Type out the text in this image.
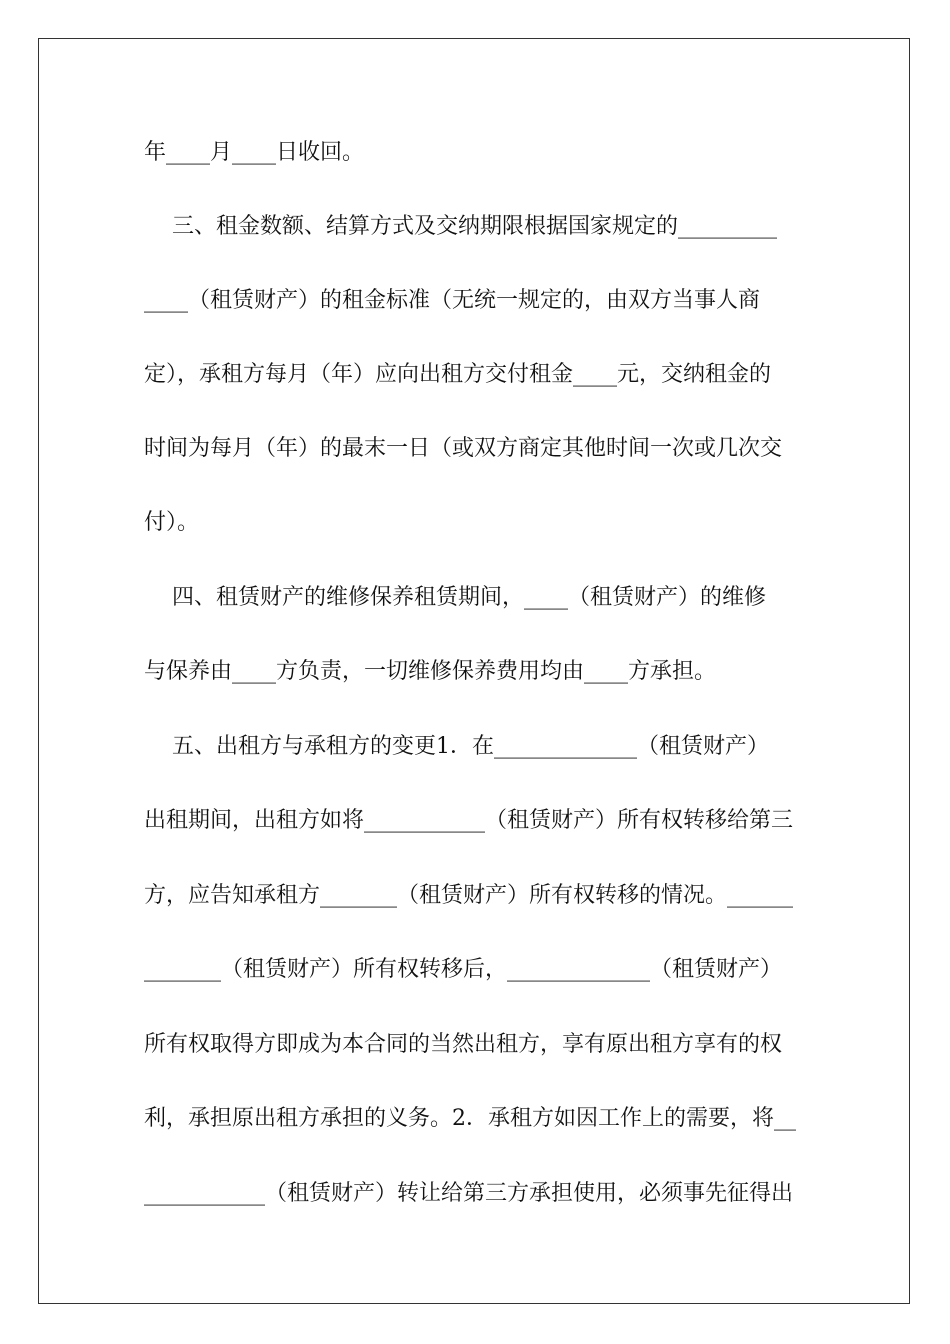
年____月____日收回。
三、租金数额、结算方式及交纳期限根据国家规定的_________
____（租赁财产）的租金标准（无统一规定的，由双方当事人商
定），承租方每月（年）应向出租方交付租金____元，交纳租金的
时间为每月（年）的最末一日（或双方商定其他时间一次或几次交
付）。
四、租赁财产的维修保养租赁期间，____（租赁财产）的维修
与保养由____方负责，一切维修保养费用均由____方承担。
五、出租方与承租方的变更1．在_____________（租赁财产）
出租期间，出租方如将___________（租赁财产）所有权转移给第三
方，应告知承租方_______（租赁财产）所有权转移的情况。______
_______（租赁财产）所有权转移后，_____________（租赁财产）
所有权取得方即成为本合同的当然出租方，享有原出租方享有的权
利，承担原出租方承担的义务。2．承租方如因工作上的需要，将__
___________（租赁财产）转让给第三方承担使用，必须事先征得出
